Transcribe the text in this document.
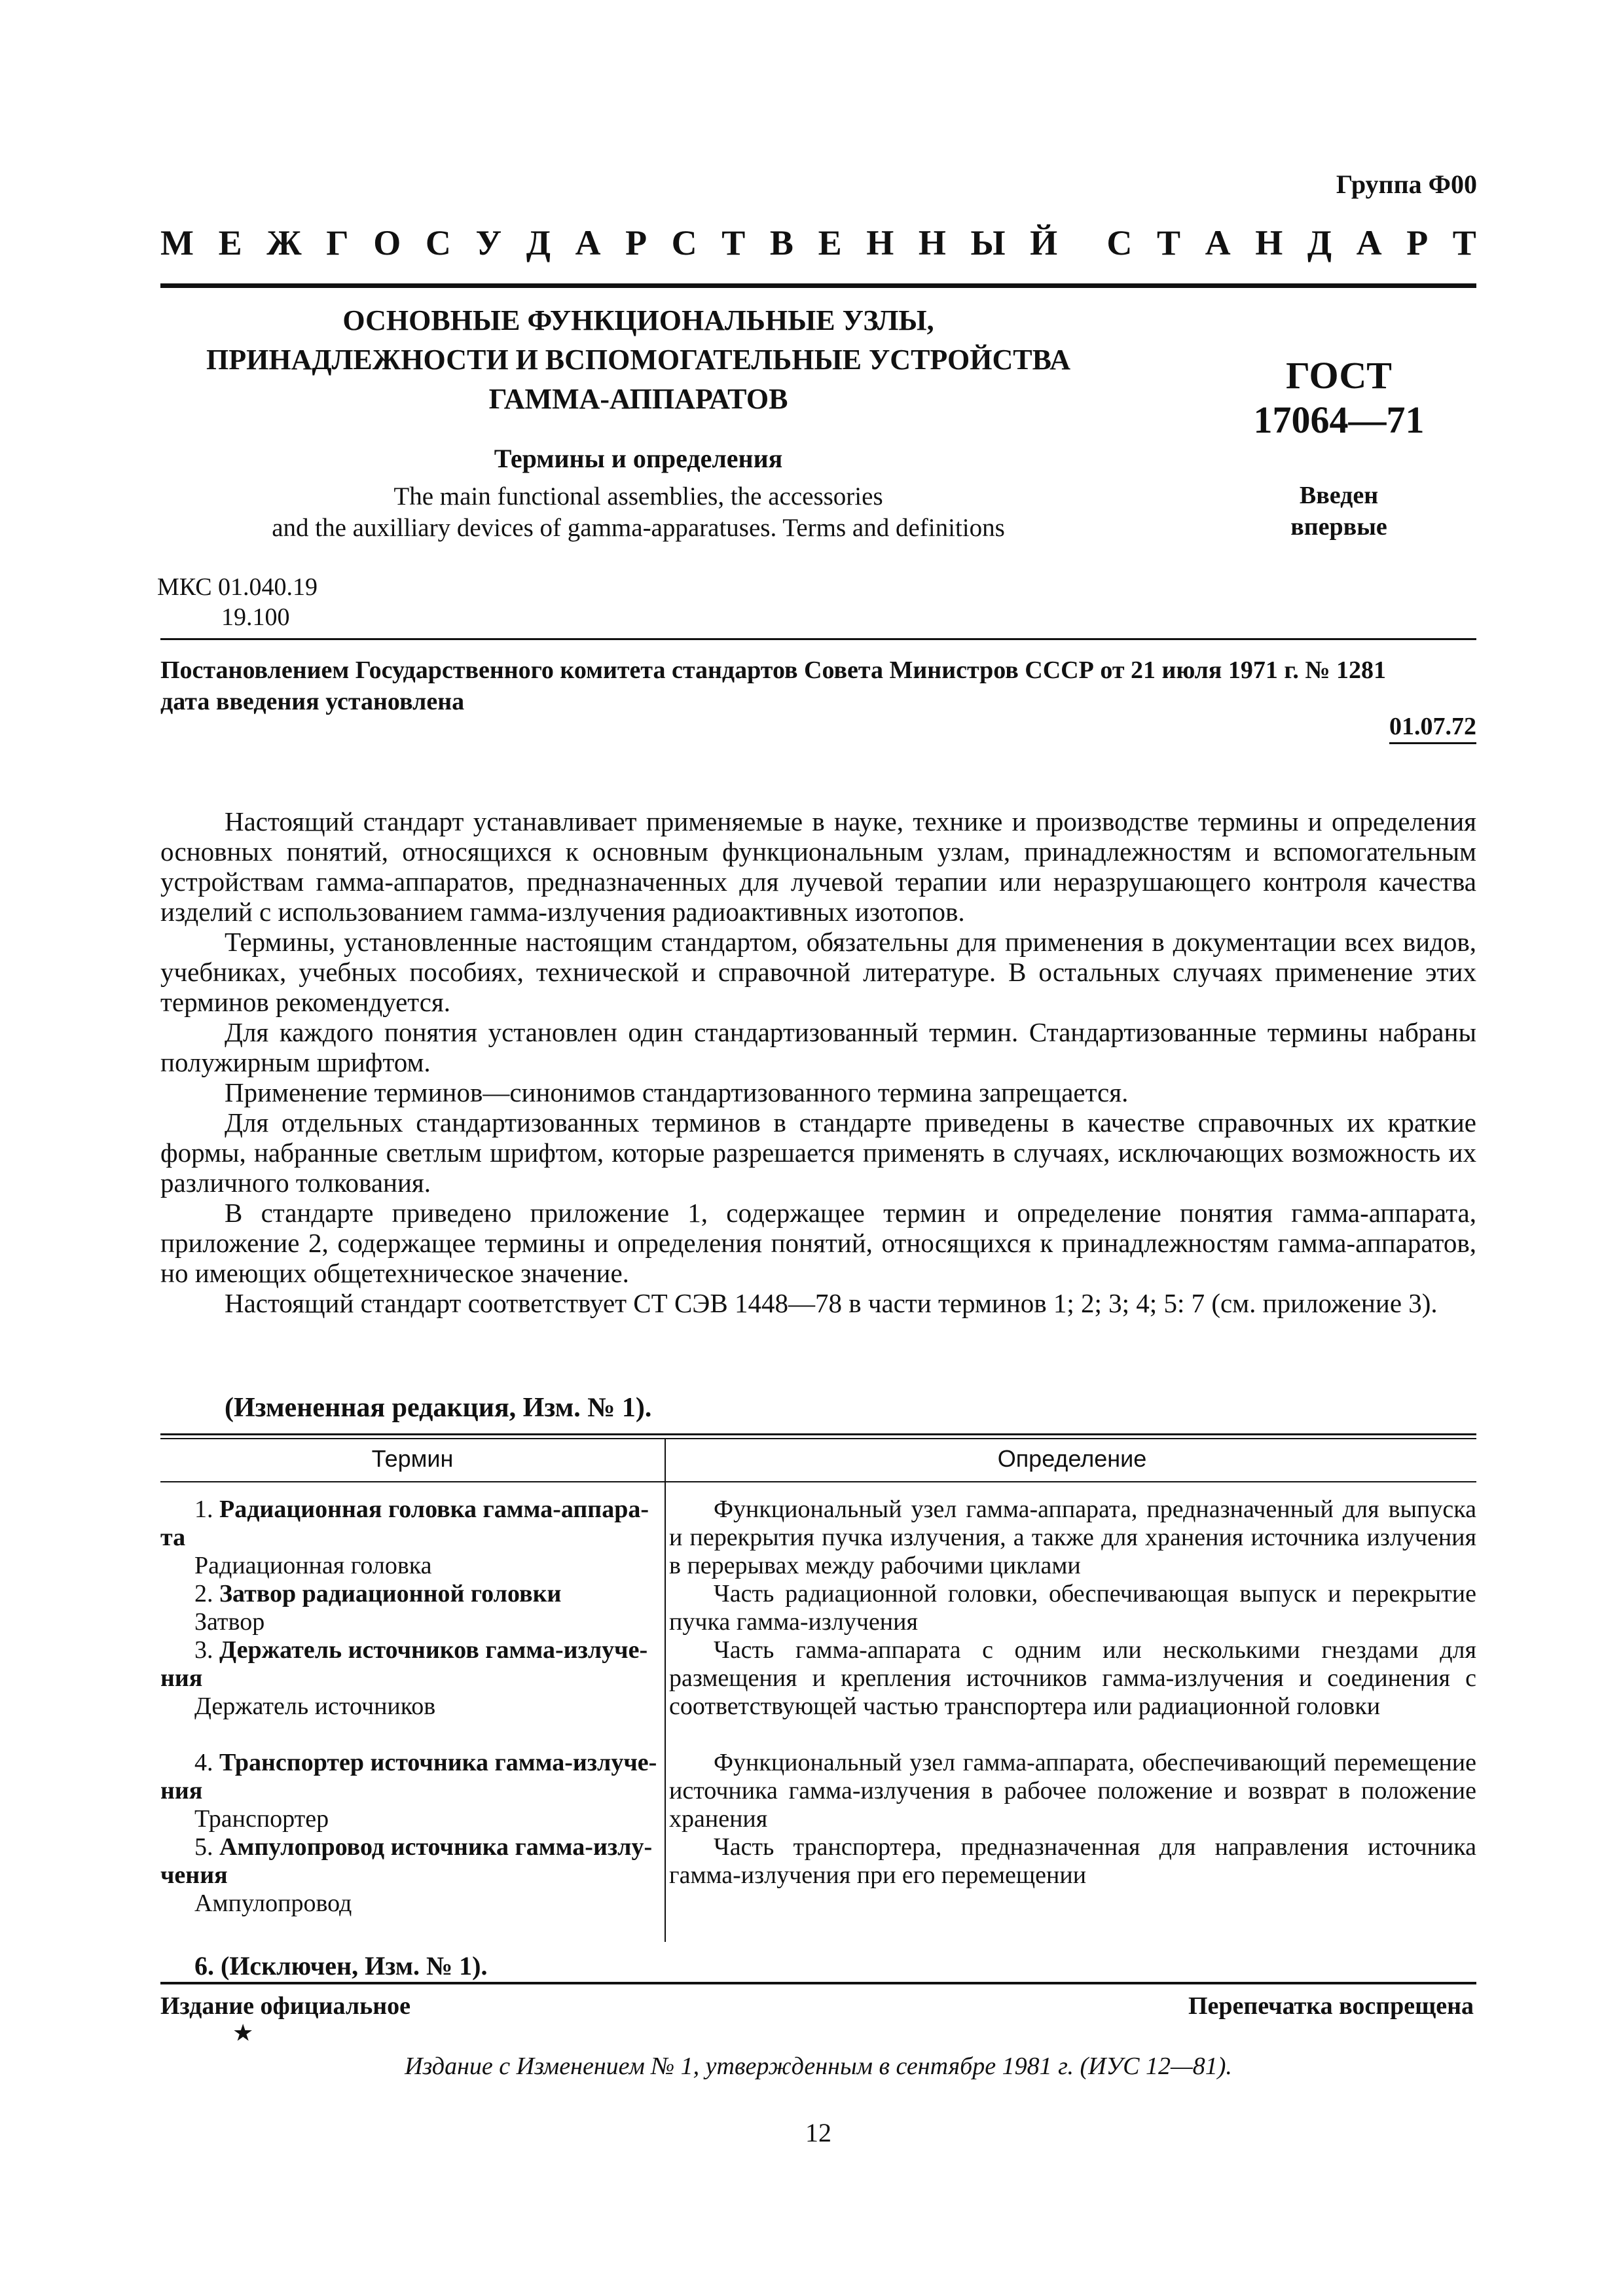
Группа Ф00
М Е Ж Г О С У Д А Р С Т В Е Н Н Ы Й С Т А Н Д А Р Т
ОСНОВНЫЕ ФУНКЦИОНАЛЬНЫЕ УЗЛЫ,
ПРИНАДЛЕЖНОСТИ И ВСПОМОГАТЕЛЬНЫЕ УСТРОЙСТВА
ГАММА-АППАРАТОВ
Термины и определения
The main functional assemblies, the accessories
and the auxilliary devices of gamma-apparatuses. Terms and definitions
ГОСТ
17064—71
Введен
впервые
МКС 01.040.19
19.100
Постановлением Государственного комитета стандартов Совета Министров СССР от 21 июля 1971 г. № 1281
дата введения установлена
01.07.72

Настоящий стандарт устанавливает применяемые в науке, технике и производстве термины и определения основных понятий, относящихся к основным функциональным узлам, принадлежностям и вспомогательным устройствам гамма-аппаратов, предназначенных для лучевой терапии или неразрушающего контроля качества изделий с использованием гамма-излучения радиоактивных изотопов.

Термины, установленные настоящим стандартом, обязательны для применения в документации всех видов, учебниках, учебных пособиях, технической и справочной литературе. В остальных случаях применение этих терминов рекомендуется.

Для каждого понятия установлен один стандартизованный термин. Стандартизованные термины набраны полужирным шрифтом.

Применение терминов—синонимов стандартизованного термина запрещается.

Для отдельных стандартизованных терминов в стандарте приведены в качестве справочных их краткие формы, набранные светлым шрифтом, которые разрешается применять в случаях, исключающих возможность их различного толкования.

В стандарте приведено приложение 1, содержащее термин и определение понятия гамма-аппарата, приложение 2, содержащее термины и определения понятий, относящихся к принадлежностям гамма-аппаратов, но имеющих общетехническое значение.

Настоящий стандарт соответствует СТ СЭВ 1448—78 в части терминов 1; 2; 3; 4; 5: 7 (см. приложение 3).

(Измененная редакция, Изм. № 1).
Термин	Определение
1. Радиационная головка гамма-аппара-
та
Радиационная головка

Функциональный узел гамма-аппарата, предназначенный для выпуска и перекрытия пучка излучения, а также для хранения источника излучения в перерывах между рабочими циклами

2. Затвор радиационной головки
Затвор

Часть радиационной головки, обеспечивающая выпуск и перекрытие пучка гамма-излучения

3. Держатель источников гамма-излуче-
ния
Держатель источников

Часть гамма-аппарата с одним или несколькими гнездами для размещения и крепления источников гамма-излучения и соединения с соответствующей частью транспортера или радиационной головки

4. Транспортер источника гамма-излуче-
ния
Транспортер

Функциональный узел гамма-аппарата, обеспечивающий перемещение источника гамма-излучения в рабочее положение и возврат в положение хранения

5. Ампулопровод источника гамма-излу-
чения
Ампулопровод

Часть транспортера, предназначенная для направления источника гамма-излучения при его перемещении

6. (Исключен, Изм. № 1).
Издание официальное	Перепечатка воспрещена
★
Издание с Изменением № 1, утвержденным в сентябре 1981 г. (ИУС 12—81).
12
